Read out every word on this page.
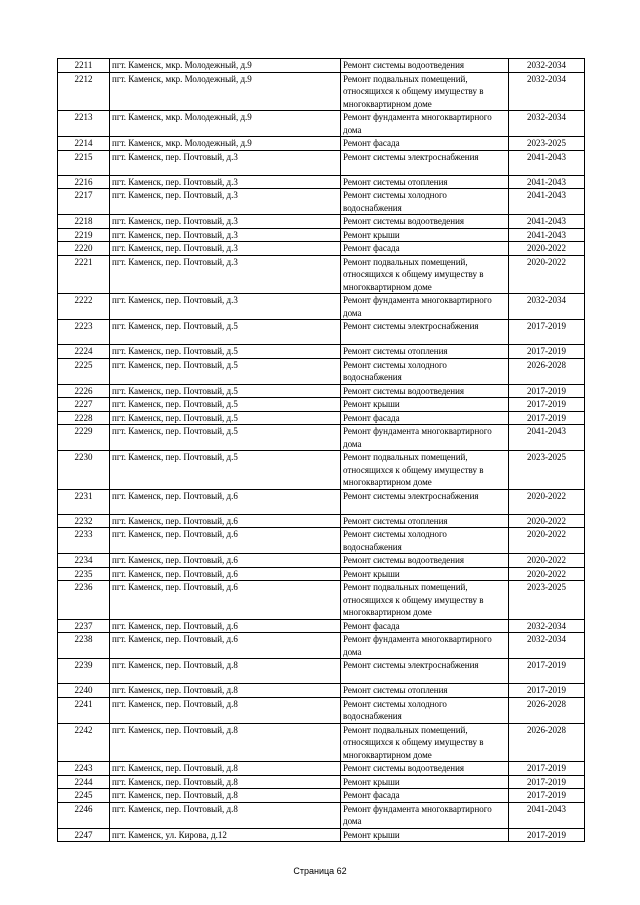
2211	пгт. Каменск, мкр. Молодежный, д.9	Ремонт системы водоотведения	2032-2034
2212	пгт. Каменск, мкр. Молодежный, д.9	Ремонт подвальных помещений, относящихся к общему имуществу в многоквартирном доме	2032-2034
2213	пгт. Каменск, мкр. Молодежный, д.9	Ремонт фундамента многоквартирного дома	2032-2034
2214	пгт. Каменск, мкр. Молодежный, д.9	Ремонт фасада	2023-2025
2215	пгт. Каменск, пер. Почтовый, д.3	Ремонт системы электроснабжения	2041-2043
2216	пгт. Каменск, пер. Почтовый, д.3	Ремонт системы отопления	2041-2043
2217	пгт. Каменск, пер. Почтовый, д.3	Ремонт системы холодного водоснабжения	2041-2043
2218	пгт. Каменск, пер. Почтовый, д.3	Ремонт системы водоотведения	2041-2043
2219	пгт. Каменск, пер. Почтовый, д.3	Ремонт крыши	2041-2043
2220	пгт. Каменск, пер. Почтовый, д.3	Ремонт фасада	2020-2022
2221	пгт. Каменск, пер. Почтовый, д.3	Ремонт подвальных помещений, относящихся к общему имуществу в многоквартирном доме	2020-2022
2222	пгт. Каменск, пер. Почтовый, д.3	Ремонт фундамента многоквартирного дома	2032-2034
2223	пгт. Каменск, пер. Почтовый, д.5	Ремонт системы электроснабжения	2017-2019
2224	пгт. Каменск, пер. Почтовый, д.5	Ремонт системы отопления	2017-2019
2225	пгт. Каменск, пер. Почтовый, д.5	Ремонт системы холодного водоснабжения	2026-2028
2226	пгт. Каменск, пер. Почтовый, д.5	Ремонт системы водоотведения	2017-2019
2227	пгт. Каменск, пер. Почтовый, д.5	Ремонт крыши	2017-2019
2228	пгт. Каменск, пер. Почтовый, д.5	Ремонт фасада	2017-2019
2229	пгт. Каменск, пер. Почтовый, д.5	Ремонт фундамента многоквартирного дома	2041-2043
2230	пгт. Каменск, пер. Почтовый, д.5	Ремонт подвальных помещений, относящихся к общему имуществу в многоквартирном доме	2023-2025
2231	пгт. Каменск, пер. Почтовый, д.6	Ремонт системы электроснабжения	2020-2022
2232	пгт. Каменск, пер. Почтовый, д.6	Ремонт системы отопления	2020-2022
2233	пгт. Каменск, пер. Почтовый, д.6	Ремонт системы холодного водоснабжения	2020-2022
2234	пгт. Каменск, пер. Почтовый, д.6	Ремонт системы водоотведения	2020-2022
2235	пгт. Каменск, пер. Почтовый, д.6	Ремонт крыши	2020-2022
2236	пгт. Каменск, пер. Почтовый, д.6	Ремонт подвальных помещений, относящихся к общему имуществу в многоквартирном доме	2023-2025
2237	пгт. Каменск, пер. Почтовый, д.6	Ремонт фасада	2032-2034
2238	пгт. Каменск, пер. Почтовый, д.6	Ремонт фундамента многоквартирного дома	2032-2034
2239	пгт. Каменск, пер. Почтовый, д.8	Ремонт системы электроснабжения	2017-2019
2240	пгт. Каменск, пер. Почтовый, д.8	Ремонт системы отопления	2017-2019
2241	пгт. Каменск, пер. Почтовый, д.8	Ремонт системы холодного водоснабжения	2026-2028
2242	пгт. Каменск, пер. Почтовый, д.8	Ремонт подвальных помещений, относящихся к общему имуществу в многоквартирном доме	2026-2028
2243	пгт. Каменск, пер. Почтовый, д.8	Ремонт системы водоотведения	2017-2019
2244	пгт. Каменск, пер. Почтовый, д.8	Ремонт крыши	2017-2019
2245	пгт. Каменск, пер. Почтовый, д.8	Ремонт фасада	2017-2019
2246	пгт. Каменск, пер. Почтовый, д.8	Ремонт фундамента многоквартирного дома	2041-2043
2247	пгт. Каменск, ул. Кирова, д.12	Ремонт крыши	2017-2019
Страница 62
